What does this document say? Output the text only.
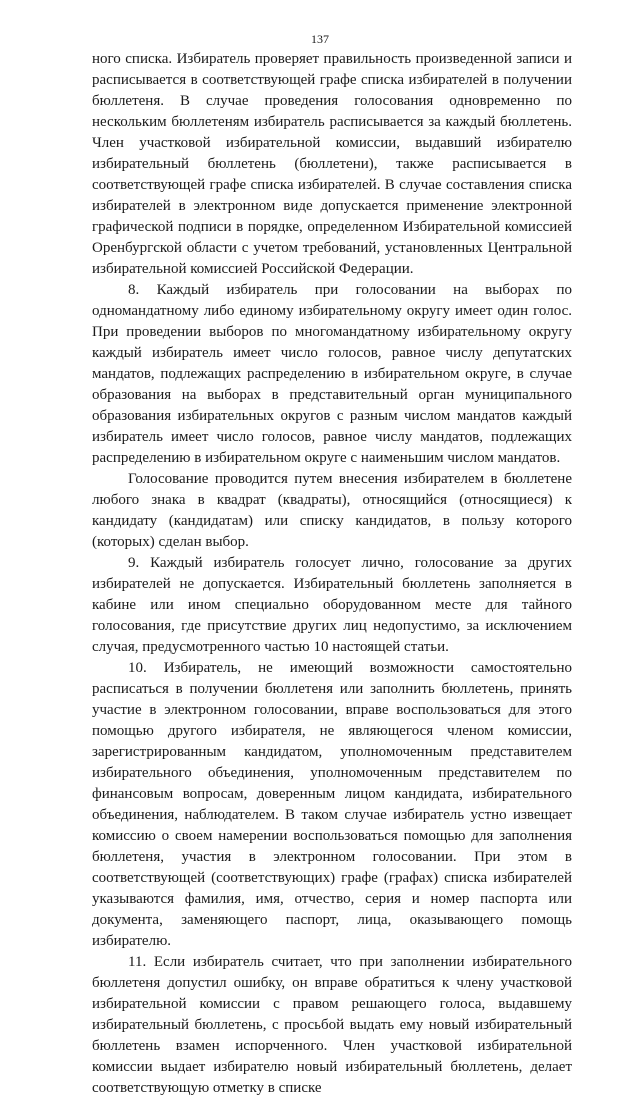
137

ного списка. Избиратель проверяет правильность произведенной записи и расписывается в соответствующей графе списка избирателей в получении бюллетеня. В случае проведения голосования одновременно по нескольким бюллетеням избиратель расписывается за каждый бюллетень. Член участковой избирательной комиссии, выдавший избирателю избирательный бюллетень (бюллетени), также расписывается в соответствующей графе списка избирателей. В случае составления списка избирателей в электронном виде допускается применение электронной графической подписи в порядке, определенном Избирательной комиссией Оренбургской области с учетом требований, установленных Центральной избирательной комиссией Российской Федерации.

8. Каждый избиратель при голосовании на выборах по одномандатному либо единому избирательному округу имеет один голос. При проведении выборов по многомандатному избирательному округу каждый избиратель имеет число голосов, равное числу депутатских мандатов, подлежащих распределению в избирательном округе, в случае образования на выборах в представительный орган муниципального образования избирательных округов с разным числом мандатов каждый избиратель имеет число голосов, равное числу мандатов, подлежащих распределению в избирательном округе с наименьшим числом мандатов.

Голосование проводится путем внесения избирателем в бюллетене любого знака в квадрат (квадраты), относящийся (относящиеся) к кандидату (кандидатам) или списку кандидатов, в пользу которого (которых) сделан выбор.

9. Каждый избиратель голосует лично, голосование за других избирателей не допускается. Избирательный бюллетень заполняется в кабине или ином специально оборудованном месте для тайного голосования, где присутствие других лиц недопустимо, за исключением случая, предусмотренного частью 10 настоящей статьи.

10. Избиратель, не имеющий возможности самостоятельно расписаться в получении бюллетеня или заполнить бюллетень, принять участие в электронном голосовании, вправе воспользоваться для этого помощью другого избирателя, не являющегося членом комиссии, зарегистрированным кандидатом, уполномоченным представителем избирательного объединения, уполномоченным представителем по финансовым вопросам, доверенным лицом кандидата, избирательного объединения, наблюдателем. В таком случае избиратель устно извещает комиссию о своем намерении воспользоваться помощью для заполнения бюллетеня, участия в электронном голосовании. При этом в соответствующей (соответствующих) графе (графах) списка избирателей указываются фамилия, имя, отчество, серия и номер паспорта или документа, заменяющего паспорт, лица, оказывающего помощь избирателю.

11. Если избиратель считает, что при заполнении избирательного бюллетеня допустил ошибку, он вправе обратиться к члену участковой избирательной комиссии с правом решающего голоса, выдавшему избирательный бюллетень, с просьбой выдать ему новый избирательный бюллетень взамен испорченного. Член участковой избирательной комиссии выдает избирателю новый избирательный бюллетень, делает соответствующую отметку в списке
